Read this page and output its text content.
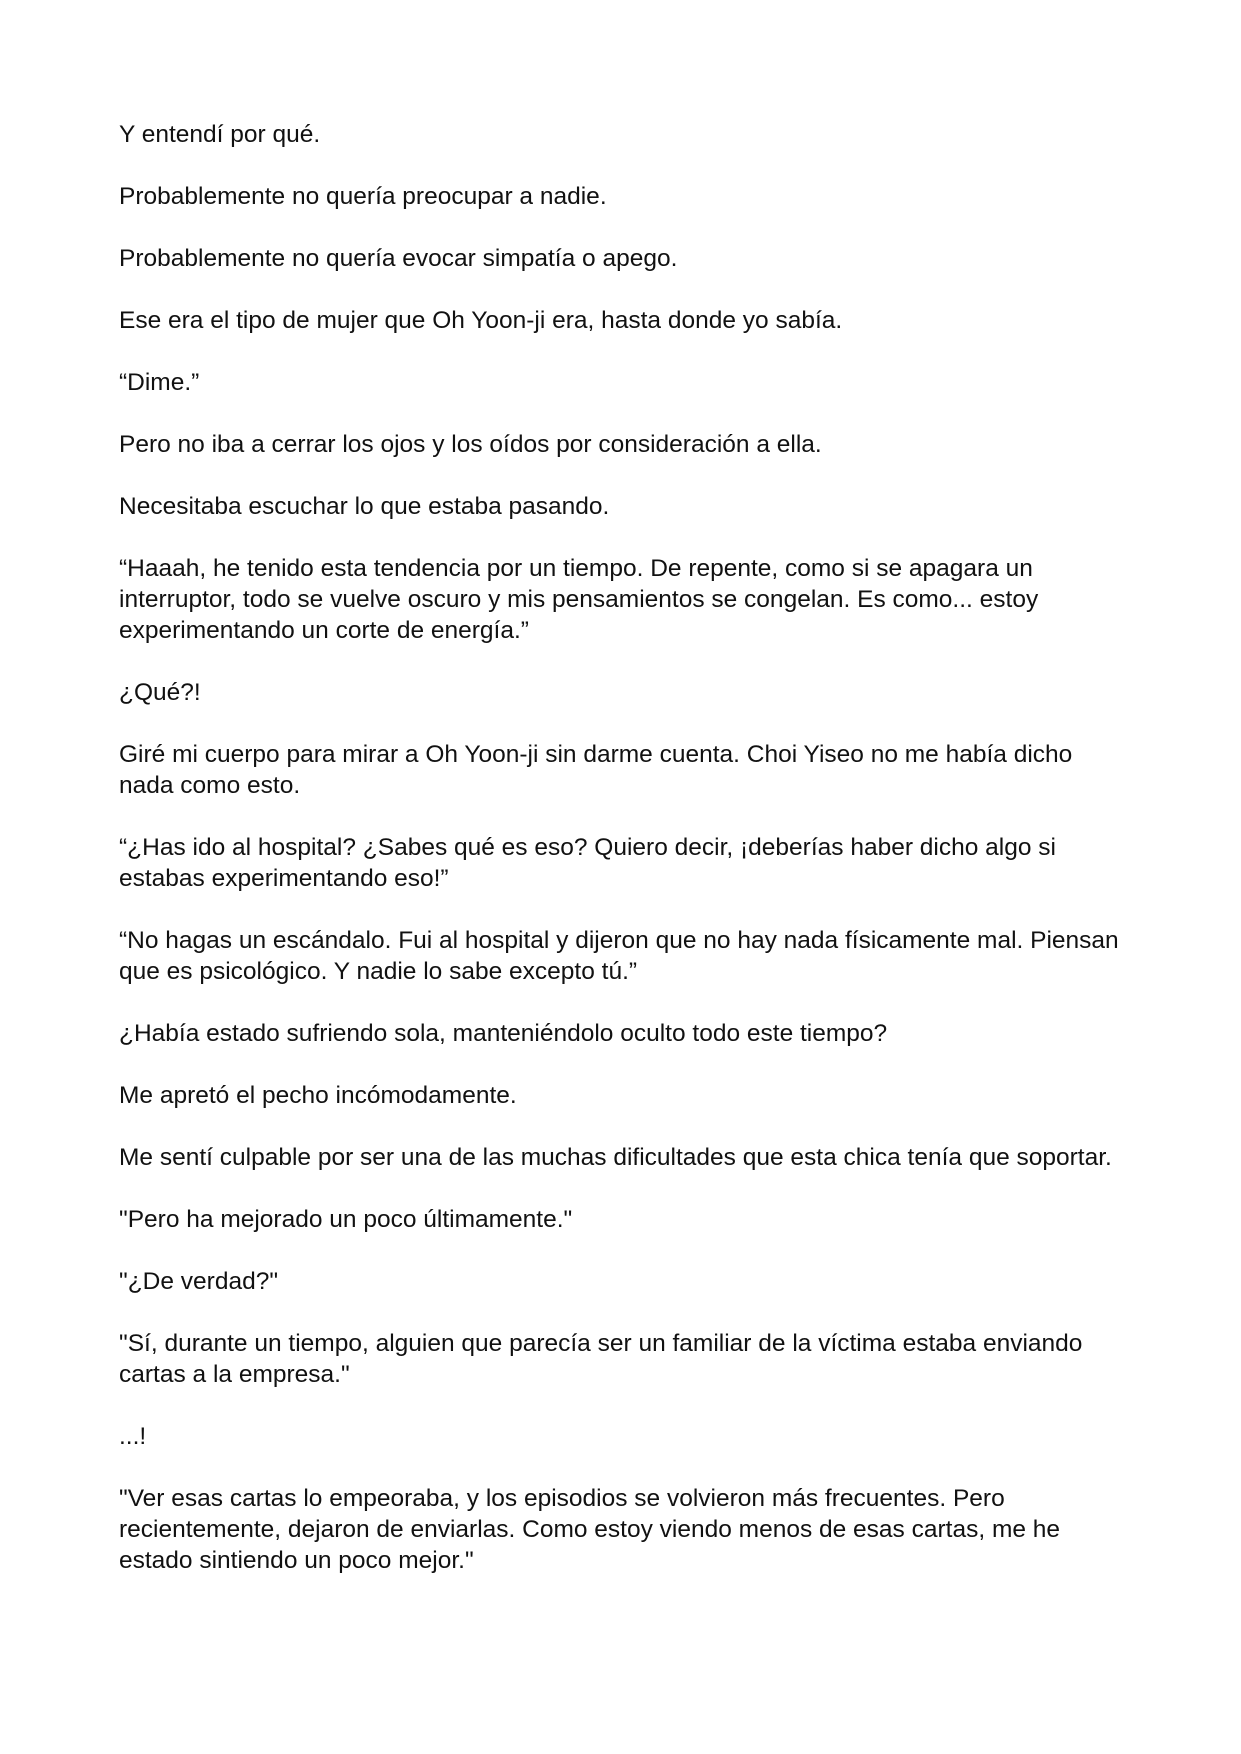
Y entendí por qué.

Probablemente no quería preocupar a nadie.

Probablemente no quería evocar simpatía o apego.

Ese era el tipo de mujer que Oh Yoon-ji era, hasta donde yo sabía.

“Dime.”

Pero no iba a cerrar los ojos y los oídos por consideración a ella.

Necesitaba escuchar lo que estaba pasando.

“Haaah, he tenido esta tendencia por un tiempo. De repente, como si se apagara un interruptor, todo se vuelve oscuro y mis pensamientos se congelan. Es como... estoy experimentando un corte de energía.”

¿Qué?!

Giré mi cuerpo para mirar a Oh Yoon-ji sin darme cuenta. Choi Yiseo no me había dicho nada como esto.

“¿Has ido al hospital? ¿Sabes qué es eso? Quiero decir, ¡deberías haber dicho algo si estabas experimentando eso!”

“No hagas un escándalo. Fui al hospital y dijeron que no hay nada físicamente mal. Piensan que es psicológico. Y nadie lo sabe excepto tú.”

¿Había estado sufriendo sola, manteniéndolo oculto todo este tiempo?

Me apretó el pecho incómodamente.

Me sentí culpable por ser una de las muchas dificultades que esta chica tenía que soportar.

"Pero ha mejorado un poco últimamente."

"¿De verdad?"

"Sí, durante un tiempo, alguien que parecía ser un familiar de la víctima estaba enviando cartas a la empresa."

...!

"Ver esas cartas lo empeoraba, y los episodios se volvieron más frecuentes. Pero recientemente, dejaron de enviarlas. Como estoy viendo menos de esas cartas, me he estado sintiendo un poco mejor."
